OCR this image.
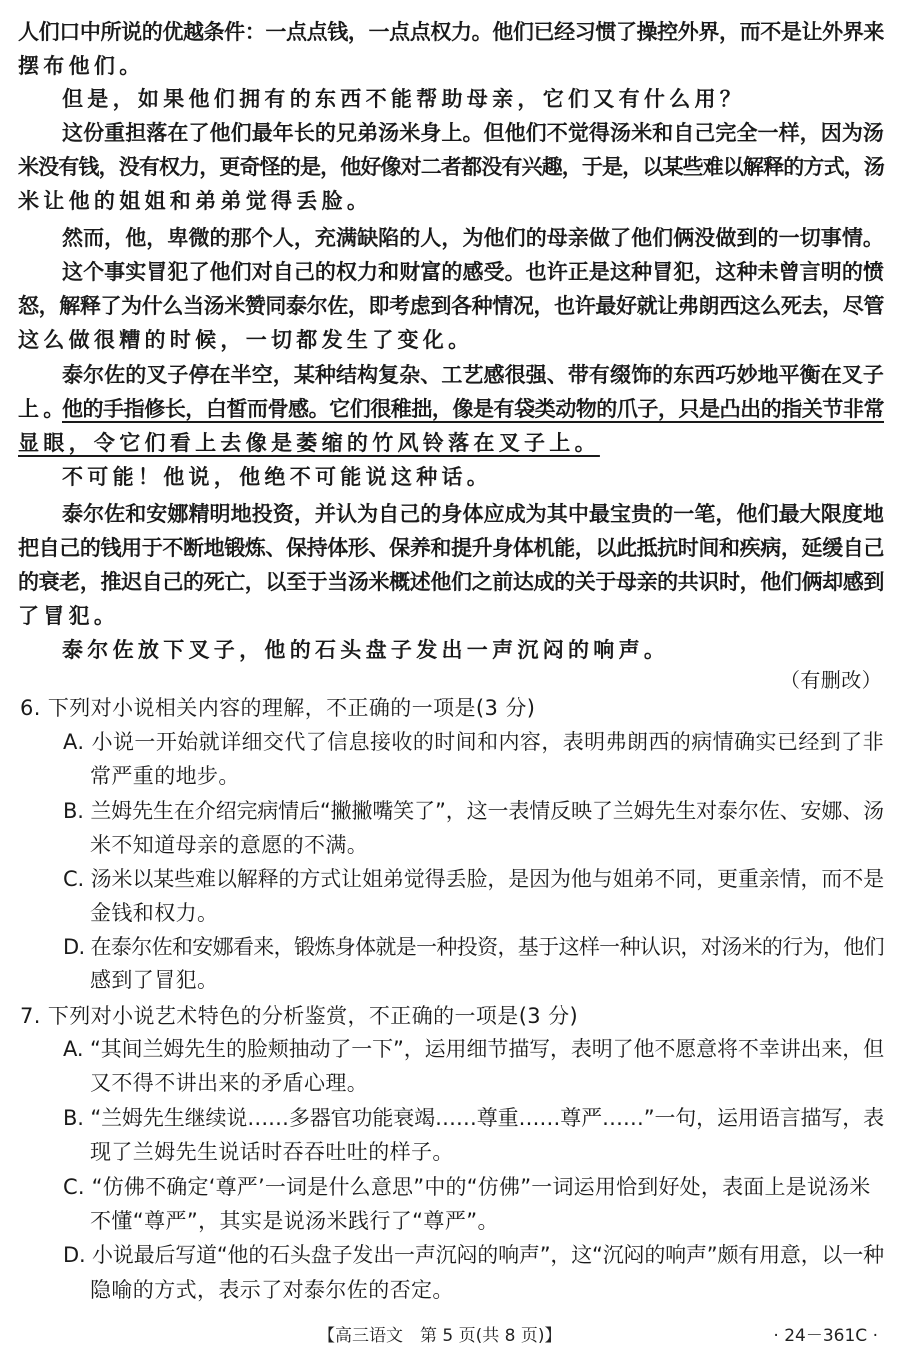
人们口中所说的优越条件：一点点钱，一点点权力。他们已经习惯了操控外界，而不是让外界来
摆布他们。
但是，如果他们拥有的东西不能帮助母亲，它们又有什么用？
这份重担落在了他们最年长的兄弟汤米身上。但他们不觉得汤米和自己完全一样，因为汤
米没有钱，没有权力，更奇怪的是，他好像对二者都没有兴趣，于是，以某些难以解释的方式，汤
米让他的姐姐和弟弟觉得丢脸。
然而，他，卑微的那个人，充满缺陷的人，为他们的母亲做了他们俩没做到的一切事情。
这个事实冒犯了他们对自己的权力和财富的感受。也许正是这种冒犯，这种未曾言明的愤
怒，解释了为什么当汤米赞同泰尔佐，即考虑到各种情况，也许最好就让弗朗西这么死去，尽管
这么做很糟的时候，一切都发生了变化。
泰尔佐的叉子停在半空，某种结构复杂、工艺感很强、带有缀饰的东西巧妙地平衡在叉子
上。
他的手指修长，白皙而骨感。它们很稚拙，像是有袋类动物的爪子，只是凸出的指关节非常
显眼，令它们看上去像是萎缩的竹风铃落在叉子上。
不可能！他说，他绝不可能说这种话。
泰尔佐和安娜精明地投资，并认为自己的身体应成为其中最宝贵的一笔，他们最大限度地
把自己的钱用于不断地锻炼、保持体形、保养和提升身体机能，以此抵抗时间和疾病，延缓自己
的衰老，推迟自己的死亡，以至于当汤米概述他们之前达成的关于母亲的共识时，他们俩却感到
了冒犯。
泰尔佐放下叉子，他的石头盘子发出一声沉闷的响声。
（有删改）
6. 下列对小说相关内容的理解，不正确的一项是(3 分)
A. 小说一开始就详细交代了信息接收的时间和内容，表明弗朗西的病情确实已经到了非
常严重的地步。
B. 兰姆先生在介绍完病情后“撇撇嘴笑了”，这一表情反映了兰姆先生对泰尔佐、安娜、汤
米不知道母亲的意愿的不满。
C. 汤米以某些难以解释的方式让姐弟觉得丢脸，是因为他与姐弟不同，更重亲情，而不是
金钱和权力。
D. 在泰尔佐和安娜看来，锻炼身体就是一种投资，基于这样一种认识，对汤米的行为，他们
感到了冒犯。
7. 下列对小说艺术特色的分析鉴赏，不正确的一项是(3 分)
A. “其间兰姆先生的脸颊抽动了一下”，运用细节描写，表明了他不愿意将不幸讲出来，但
又不得不讲出来的矛盾心理。
B. “兰姆先生继续说……多器官功能衰竭……尊重……尊严……”一句，运用语言描写，表
现了兰姆先生说话时吞吞吐吐的样子。
C. “仿佛不确定‘尊严’一词是什么意思”中的“仿佛”一词运用恰到好处，表面上是说汤米
不懂“尊严”，其实是说汤米践行了“尊严”。
D. 小说最后写道“他的石头盘子发出一声沉闷的响声”，这“沉闷的响声”颇有用意，以一种
隐喻的方式，表示了对泰尔佐的否定。
【高三语文　第 5 页(共 8 页)】	· 24－361C ·
